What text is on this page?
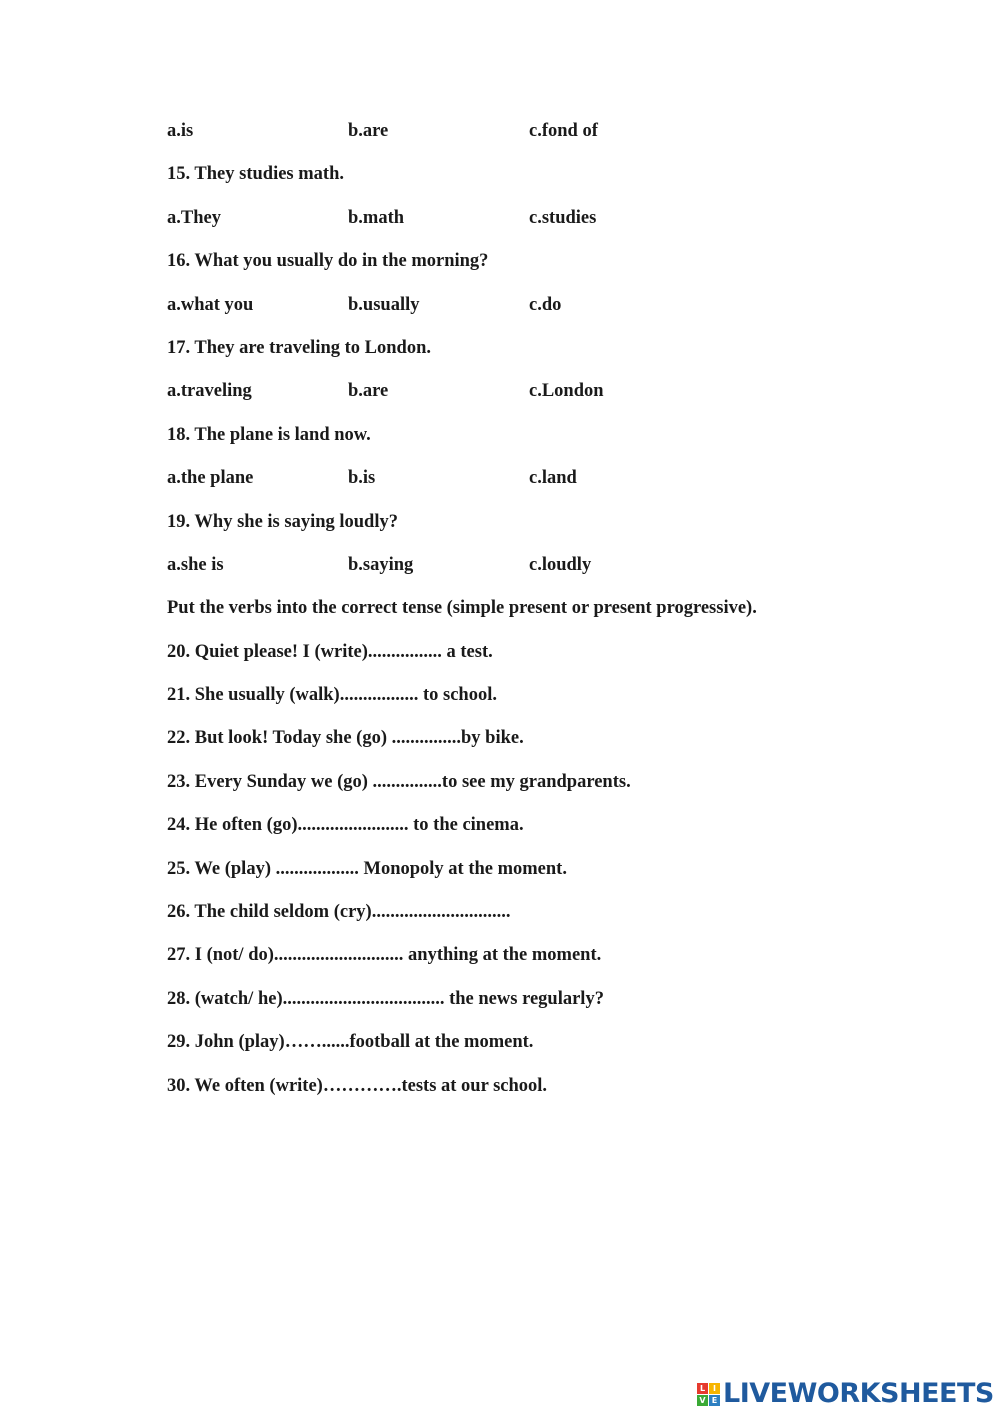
a.is	b.are	c.fond of
15. They studies math.
a.They	b.math	c.studies
16. What you usually do in the morning?
a.what you	b.usually	c.do
17. They are traveling to London.
a.traveling	b.are	c.London
18. The plane is land now.
a.the plane	b.is	c.land
19. Why she is saying loudly?
a.she is	b.saying	c.loudly
Put the verbs into the correct tense (simple present or present progressive).
20. Quiet please! I (write)................ a test.
21. She usually (walk)................. to school.
22. But look! Today she (go) ...............by bike.
23. Every Sunday we (go) ...............to see my grandparents.
24. He often (go)........................ to the cinema.
25. We (play) .................. Monopoly at the moment.
26. The child seldom (cry)..............................
27. I (not/ do)............................ anything at the moment.
28. (watch/ he)................................... the news regularly?
29. John (play)……......football at the moment.
30. We often (write)………….tests at our school.
L I
V E LIVEWORKSHEETS
